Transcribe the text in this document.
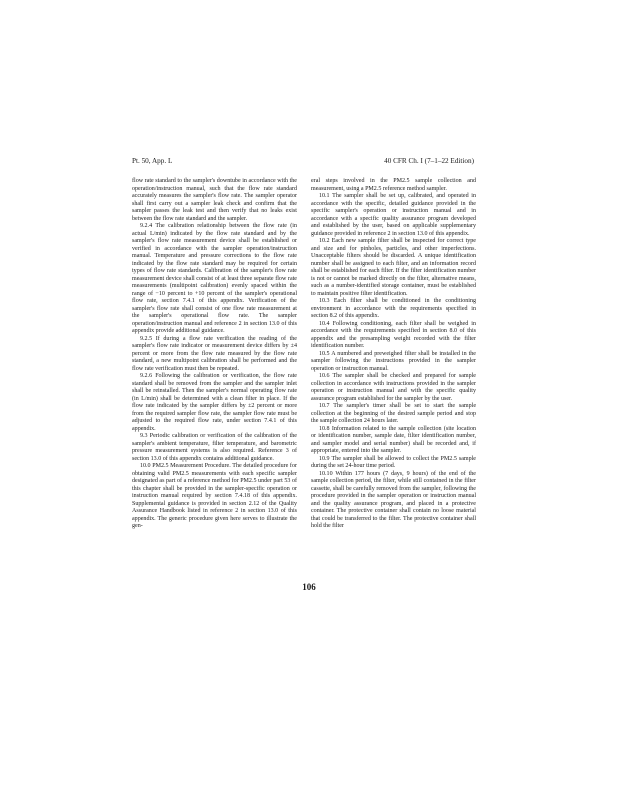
Pt. 50, App. L	40 CFR Ch. I (7–1–22 Edition)

flow rate standard to the sampler's downtube in accordance with the operation/instruction manual, such that the flow rate standard accurately measures the sampler's flow rate. The sampler operator shall first carry out a sampler leak check and confirm that the sampler passes the leak test and then verify that no leaks exist between the flow rate standard and the sampler.

9.2.4 The calibration relationship between the flow rate (in actual L/min) indicated by the flow rate standard and by the sampler's flow rate measurement device shall be established or verified in accordance with the sampler operation/instruction manual. Temperature and pressure corrections to the flow rate indicated by the flow rate standard may be required for certain types of flow rate standards. Calibration of the sampler's flow rate measurement device shall consist of at least three separate flow rate measurements (multipoint calibration) evenly spaced within the range of −10 percent to +10 percent of the sampler's operational flow rate, section 7.4.1 of this appendix. Verification of the sampler's flow rate shall consist of one flow rate measurement at the sampler's operational flow rate. The sampler operation/instruction manual and reference 2 in section 13.0 of this appendix provide additional guidance.

9.2.5 If during a flow rate verification the reading of the sampler's flow rate indicator or measurement device differs by ±4 percent or more from the flow rate measured by the flow rate standard, a new multipoint calibration shall be performed and the flow rate verification must then be repeated.

9.2.6 Following the calibration or verification, the flow rate standard shall be removed from the sampler and the sampler inlet shall be reinstalled. Then the sampler's normal operating flow rate (in L/min) shall be determined with a clean filter in place. If the flow rate indicated by the sampler differs by ±2 percent or more from the required sampler flow rate, the sampler flow rate must be adjusted to the required flow rate, under section 7.4.1 of this appendix.

9.3 Periodic calibration or verification of the calibration of the sampler's ambient temperature, filter temperature, and barometric pressure measurement systems is also required. Reference 3 of section 13.0 of this appendix contains additional guidance.

10.0 PM2.5 Measurement Procedure. The detailed procedure for obtaining valid PM2.5 measurements with each specific sampler designated as part of a reference method for PM2.5 under part 53 of this chapter shall be provided in the sampler-specific operation or instruction manual required by section 7.4.18 of this appendix. Supplemental guidance is provided in section 2.12 of the Quality Assurance Handbook listed in reference 2 in section 13.0 of this appendix. The generic procedure given here serves to illustrate the gen-

eral steps involved in the PM2.5 sample collection and measurement, using a PM2.5 reference method sampler.

10.1 The sampler shall be set up, calibrated, and operated in accordance with the specific, detailed guidance provided in the specific sampler's operation or instruction manual and in accordance with a specific quality assurance program developed and established by the user, based on applicable supplementary guidance provided in reference 2 in section 13.0 of this appendix.

10.2 Each new sample filter shall be inspected for correct type and size and for pinholes, particles, and other imperfections. Unacceptable filters should be discarded. A unique identification number shall be assigned to each filter, and an information record shall be established for each filter. If the filter identification number is not or cannot be marked directly on the filter, alternative means, such as a number-identified storage container, must be established to maintain positive filter identification.

10.3 Each filter shall be conditioned in the conditioning environment in accordance with the requirements specified in section 8.2 of this appendix.

10.4 Following conditioning, each filter shall be weighed in accordance with the requirements specified in section 8.0 of this appendix and the presampling weight recorded with the filter identification number.

10.5 A numbered and preweighed filter shall be installed in the sampler following the instructions provided in the sampler operation or instruction manual.

10.6 The sampler shall be checked and prepared for sample collection in accordance with instructions provided in the sampler operation or instruction manual and with the specific quality assurance program established for the sampler by the user.

10.7 The sampler's timer shall be set to start the sample collection at the beginning of the desired sample period and stop the sample collection 24 hours later.

10.8 Information related to the sample collection (site location or identification number, sample date, filter identification number, and sampler model and serial number) shall be recorded and, if appropriate, entered into the sampler.

10.9 The sampler shall be allowed to collect the PM2.5 sample during the set 24-hour time period.

10.10 Within 177 hours (7 days, 9 hours) of the end of the sample collection period, the filter, while still contained in the filter cassette, shall be carefully removed from the sampler, following the procedure provided in the sampler operation or instruction manual and the quality assurance program, and placed in a protective container. The protective container shall contain no loose material that could be transferred to the filter. The protective container shall hold the filter

106
